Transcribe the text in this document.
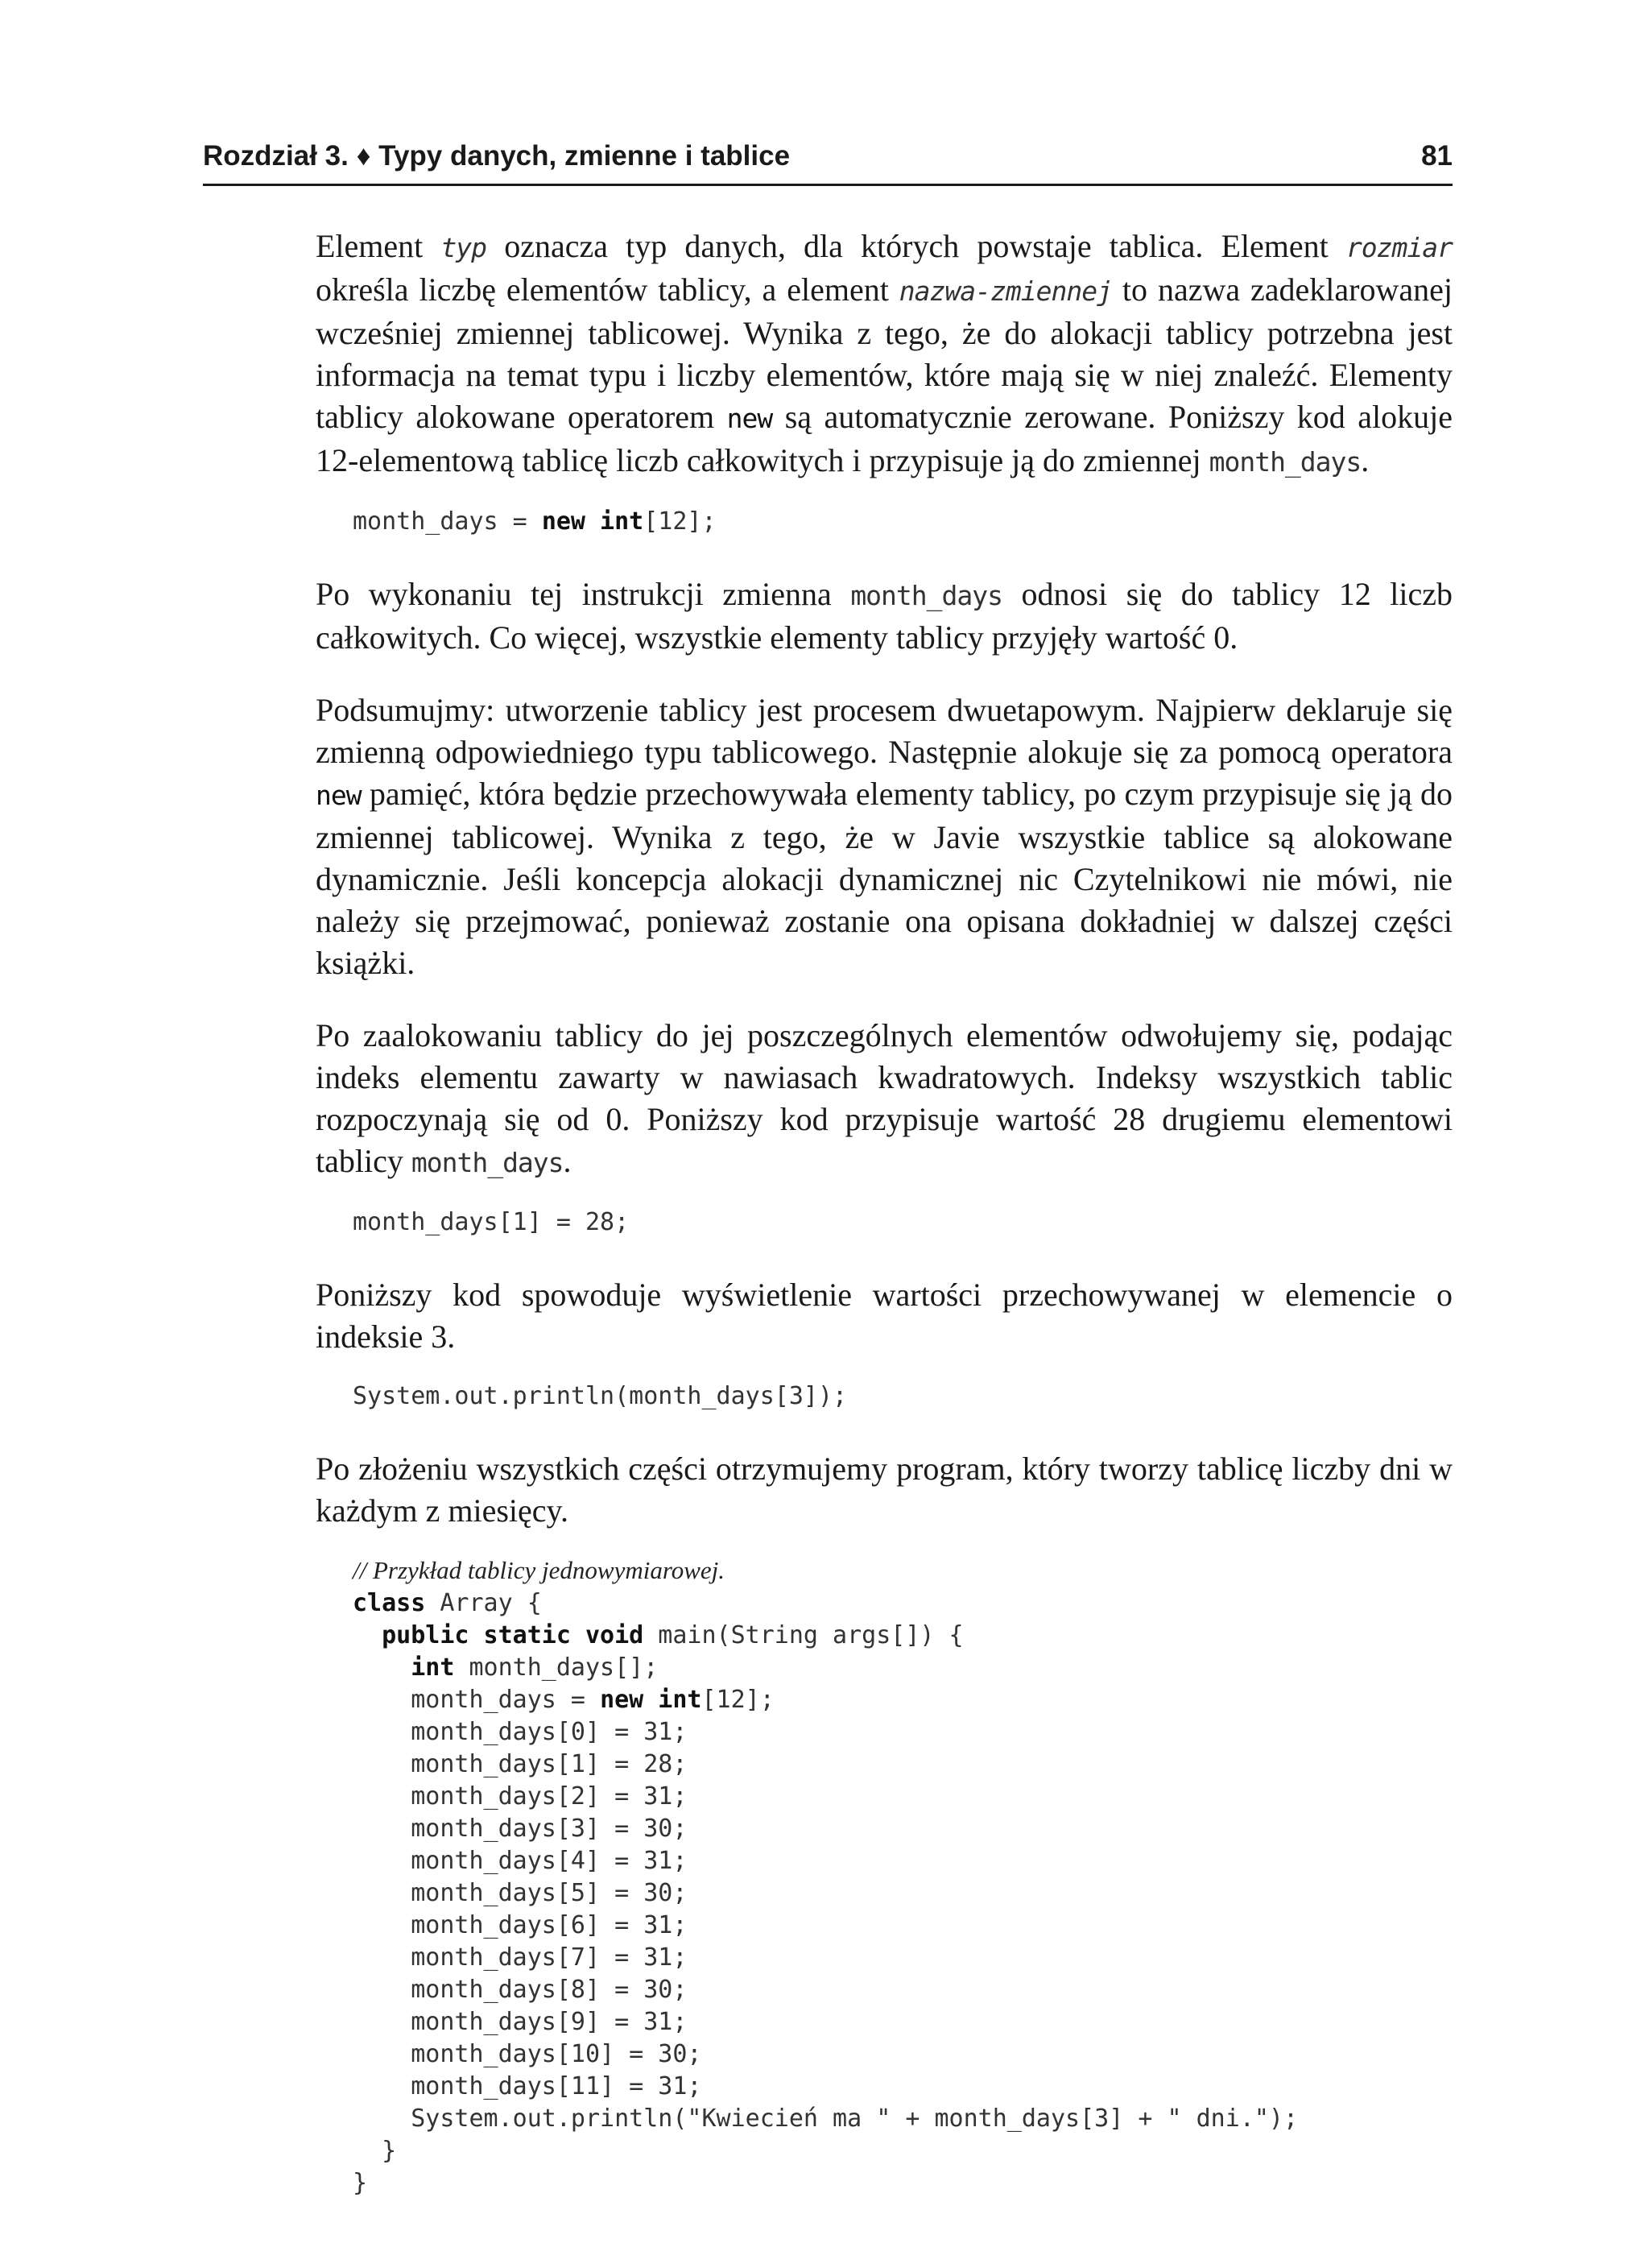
Rozdział 3. ♦ Typy danych, zmienne i tablice	81

Element typ oznacza typ danych, dla których powstaje tablica. Element rozmiar określa liczbę elementów tablicy, a element nazwa-zmiennej to nazwa zadeklarowanej wcześniej zmiennej tablicowej. Wynika z tego, że do alokacji tablicy potrzebna jest informacja na temat typu i liczby elementów, które mają się w niej znaleźć. Elementy tablicy alokowane operatorem new są automatycznie zerowane. Poniższy kod alokuje 12-elementową tablicę liczb całkowitych i przypisuje ją do zmiennej month_days.

month_days = new int[12];

Po wykonaniu tej instrukcji zmienna month_days odnosi się do tablicy 12 liczb całkowitych. Co więcej, wszystkie elementy tablicy przyjęły wartość 0.

Podsumujmy: utworzenie tablicy jest procesem dwuetapowym. Najpierw deklaruje się zmienną odpowiedniego typu tablicowego. Następnie alokuje się za pomocą operatora new pamięć, która będzie przechowywała elementy tablicy, po czym przypisuje się ją do zmiennej tablicowej. Wynika z tego, że w Javie wszystkie tablice są alokowane dynamicznie. Jeśli koncepcja alokacji dynamicznej nic Czytelnikowi nie mówi, nie należy się przejmować, ponieważ zostanie ona opisana dokładniej w dalszej części książki.

Po zaalokowaniu tablicy do jej poszczególnych elementów odwołujemy się, podając indeks elementu zawarty w nawiasach kwadratowych. Indeksy wszystkich tablic rozpoczynają się od 0. Poniższy kod przypisuje wartość 28 drugiemu elementowi tablicy month_days.

month_days[1] = 28;

Poniższy kod spowoduje wyświetlenie wartości przechowywanej w elemencie o indeksie 3.

System.out.println(month_days[3]);

Po złożeniu wszystkich części otrzymujemy program, który tworzy tablicę liczby dni w każdym z miesięcy.

// Przykład tablicy jednowymiarowej.
class Array {
public static void main(String args[]) {
int month_days[];
month_days = new int[12];
month_days[0] = 31;
month_days[1] = 28;
month_days[2] = 31;
month_days[3] = 30;
month_days[4] = 31;
month_days[5] = 30;
month_days[6] = 31;
month_days[7] = 31;
month_days[8] = 30;
month_days[9] = 31;
month_days[10] = 30;
month_days[11] = 31;
System.out.println("Kwiecień ma " + month_days[3] + " dni.");
}
}
